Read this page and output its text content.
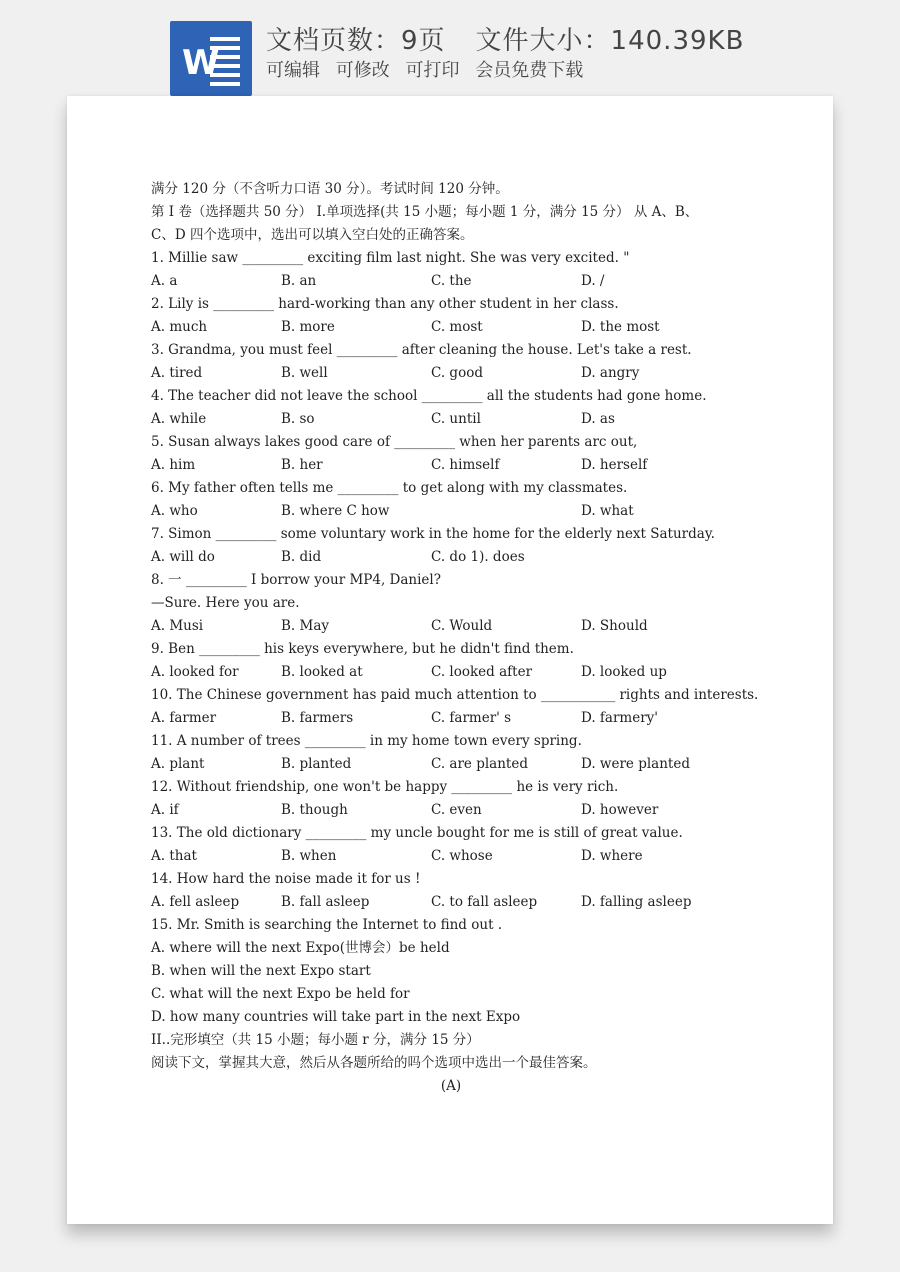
W
文档页数：9页 文件大小：140.39KB
可编辑 可修改 可打印 会员免费下载
满分 120 分（不含听力口语 30 分）。考试时间 120 分钟。
第 I 卷（选择题共 50 分） I.单项选择(共 15 小题；每小题 1 分，满分 15 分） 从 A、B、
C、D 四个选项中，选出可以填入空白处的正确答案。
1. Millie saw _________ exciting film last night. She was very excited. "
A. a	B. an	C. the	D. /
2. Lily is _________ hard-working than any other student in her class.
A. much	B. more	C. most	D. the most
3. Grandma, you must feel _________ after cleaning the house. Let's take a rest.
A. tired	B. well	C. good	D. angry
4. The teacher did not leave the school _________ all the students had gone home.
A. while	B. so	C. until	D. as
5. Susan always lakes good care of _________ when her parents arc out,
A. him	B. her	C. himself	D. herself
6. My father often tells me _________ to get along with my classmates.
A. who	B. where C how	D. what
7. Simon _________ some voluntary work in the home for the elderly next Saturday.
A. will do	B. did	C. do 1). does
8. 一 _________ I borrow your MP4, Daniel?
—Sure. Here you are.
A. Musi	B. May	C. Would	D. Should
9. Ben _________ his keys everywhere, but he didn't find them.
A. looked for	B. looked at	C. looked after	D. looked up
10. The Chinese government has paid much attention to ___________ rights and interests.
A. farmer	B. farmers	C. farmer' s	D. farmery'
11. A number of trees _________ in my home town every spring.
A. plant	B. planted	C. are planted	D. were planted
12. Without friendship, one won't be happy _________ he is very rich.
A. if	B. though	C. even	D. however
13. The old dictionary _________ my uncle bought for me is still of great value.
A. that	B. when	C. whose	D. where
14. How hard the noise made it for us !
A. fell asleep	B. fall asleep	C. to fall asleep	D. falling asleep
15. Mr. Smith is searching the Internet to find out .
A. where will the next Expo(世博会）be held
B. when will the next Expo start
C. what will the next Expo be held for
D. how many countries will take part in the next Expo
II..完形填空（共 15 小题；每小题 r 分，满分 15 分）
阅读下文，掌握其大意，然后从各题所给的吗个选项中选出一个最佳答案。
(A)
